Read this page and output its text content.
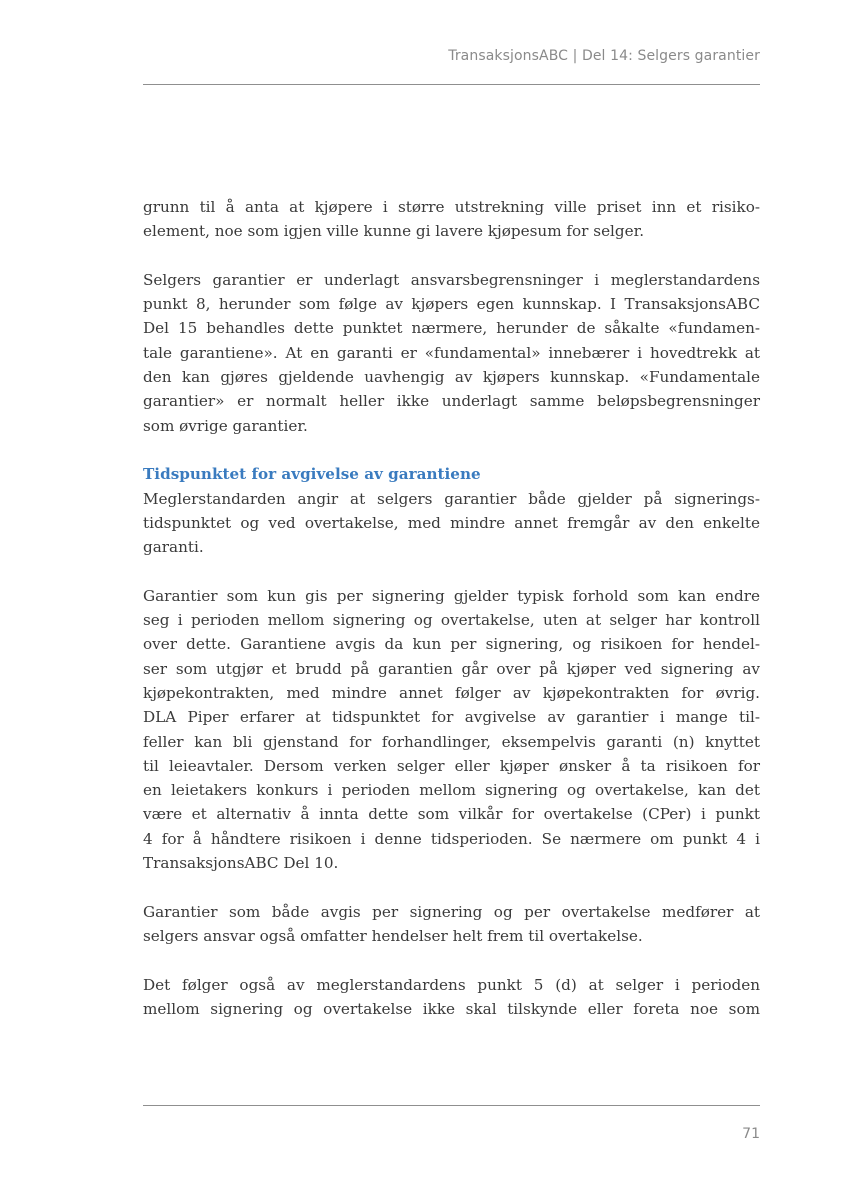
TransaksjonsABC | Del 14: Selgers garantier

grunn til å anta at kjøpere i større utstrekning ville priset inn et risiko-
element, noe som igjen ville kunne gi lavere kjøpesum for selger.

Selgers garantier er underlagt ansvarsbegrensninger i meglerstandardens
punkt 8, herunder som følge av kjøpers egen kunnskap. I TransaksjonsABC
Del 15 behandles dette punktet nærmere, herunder de såkalte «fundamen-
tale garantiene». At en garanti er «fundamental» innebærer i hovedtrekk at
den kan gjøres gjeldende uavhengig av kjøpers kunnskap. «Fundamentale
garantier» er normalt heller ikke underlagt samme beløpsbegrensninger
som øvrige garantier.

Tidspunktet for avgivelse av garantiene

Meglerstandarden angir at selgers garantier både gjelder på signerings-
tidspunktet og ved overtakelse, med mindre annet fremgår av den enkelte
garanti.

Garantier som kun gis per signering gjelder typisk forhold som kan endre
seg i perioden mellom signering og overtakelse, uten at selger har kontroll
over dette. Garantiene avgis da kun per signering, og risikoen for hendel-
ser som utgjør et brudd på garantien går over på kjøper ved signering av
kjøpekontrakten, med mindre annet følger av kjøpekontrakten for øvrig.
DLA Piper erfarer at tidspunktet for avgivelse av garantier i mange til-
feller kan bli gjenstand for forhandlinger, eksempelvis garanti (n) knyttet
til leieavtaler. Dersom verken selger eller kjøper ønsker å ta risikoen for
en leietakers konkurs i perioden mellom signering og overtakelse, kan det
være et alternativ å innta dette som vilkår for overtakelse (CPer) i punkt
4 for å håndtere risikoen i denne tidsperioden. Se nærmere om punkt 4 i
TransaksjonsABC Del 10.

Garantier som både avgis per signering og per overtakelse medfører at
selgers ansvar også omfatter hendelser helt frem til overtakelse.

Det følger også av meglerstandardens punkt 5 (d) at selger i perioden
mellom signering og overtakelse ikke skal tilskynde eller foreta noe som

71
